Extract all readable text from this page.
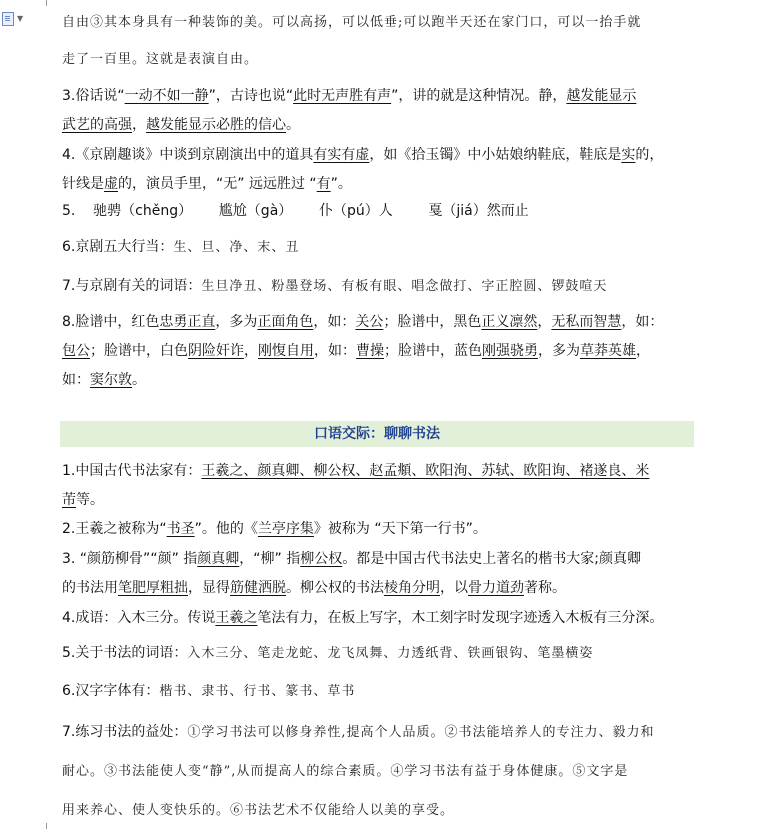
▼	自由③其本身具有一种装饰的美。可以高扬，可以低垂;可以跑半天还在家门口，可以一抬手就
走了一百里。这就是表演自由。
3.俗话说“一动不如一静”，古诗也说“此时无声胜有声”，讲的就是这种情况。静，越发能显示
武艺的高强，越发能显示必胜的信心。
4.《京剧趣谈》中谈到京剧演出中的道具有实有虚，如《拾玉镯》中小姑娘纳鞋底，鞋底是实的，
针线是虚的，演员手里，“无” 远远胜过 “有”。
5.    驰骋（chěng）      尴尬（gà）      仆（pú）人        戛（jiá）然而止
6.京剧五大行当：生、旦、净、末、丑
7.与京剧有关的词语：生旦净丑、粉墨登场、有板有眼、唱念做打、字正腔圆、锣鼓喧天
8.脸谱中，红色忠勇正直，多为正面角色，如：关公；脸谱中，黑色正义凛然，无私而智慧，如：
包公；脸谱中，白色阴险奸诈，刚愎自用，如：曹操；脸谱中，蓝色刚强骁勇，多为草莽英雄，
如：窦尔敦。
口语交际：聊聊书法
1.中国古代书法家有：王羲之、颜真卿、柳公权、赵孟頫、欧阳洵、苏轼、欧阳询、褚遂良、米
芾等。
2.王羲之被称为“书圣”。他的《兰亭序集》被称为 “天下第一行书”。
3. “颜筋柳骨”“颜” 指颜真卿，“柳” 指柳公权。都是中国古代书法史上著名的楷书大家;颜真卿
的书法用笔肥厚粗拙，显得筋健洒脱。柳公权的书法棱角分明，以骨力道劲著称。
4.成语：入木三分。传说王羲之笔法有力，在板上写字，木工刻字时发现字迹透入木板有三分深。
5.关于书法的词语：入木三分、笔走龙蛇、龙飞凤舞、力透纸背、铁画银钩、笔墨横姿
6.汉字字体有：楷书、隶书、行书、篆书、草书
7.练习书法的益处：①学习书法可以修身养性,提高个人品质。②书法能培养人的专注力、毅力和
耐心。③书法能使人变“静”,从而提高人的综合素质。④学习书法有益于身体健康。⑤文字是
用来养心、使人变快乐的。⑥书法艺术不仅能给人以美的享受。
